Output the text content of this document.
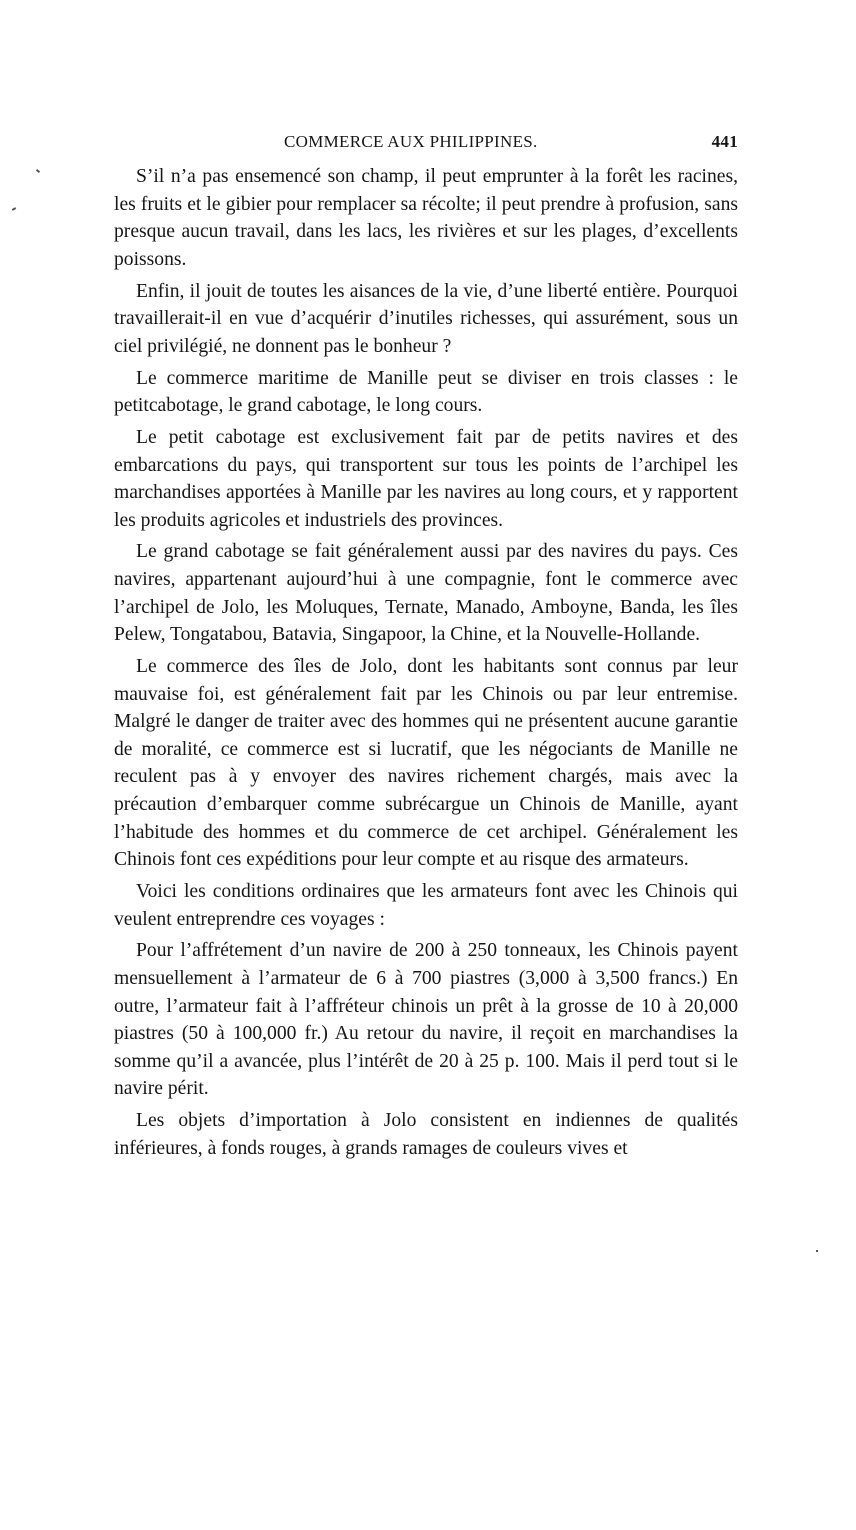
COMMERCE AUX PHILIPPINES.	441

S’il n’a pas ensemencé son champ, il peut emprunter à la forêt les racines, les fruits et le gibier pour remplacer sa récolte; il peut prendre à profusion, sans presque aucun travail, dans les lacs, les rivières et sur les plages, d’excellents poissons.

Enfin, il jouit de toutes les aisances de la vie, d’une liberté entière. Pourquoi travaillerait-il en vue d’acquérir d’inutiles richesses, qui assurément, sous un ciel privilégié, ne donnent pas le bonheur ?

Le commerce maritime de Manille peut se diviser en trois classes : le petitcabotage, le grand cabotage, le long cours.

Le petit cabotage est exclusivement fait par de petits navires et des embarcations du pays, qui transportent sur tous les points de l’archipel les marchandises apportées à Manille par les navires au long cours, et y rapportent les produits agricoles et industriels des provinces.

Le grand cabotage se fait généralement aussi par des navires du pays. Ces navires, appartenant aujourd’hui à une compagnie, font le commerce avec l’archipel de Jolo, les Moluques, Ternate, Manado, Amboyne, Banda, les îles Pelew, Tongatabou, Batavia, Singapoor, la Chine, et la Nouvelle-Hollande.

Le commerce des îles de Jolo, dont les habitants sont connus par leur mauvaise foi, est généralement fait par les Chinois ou par leur entremise. Malgré le danger de traiter avec des hommes qui ne présentent aucune garantie de moralité, ce commerce est si lucratif, que les négociants de Manille ne reculent pas à y envoyer des navires richement chargés, mais avec la précaution d’embarquer comme subrécargue un Chinois de Manille, ayant l’habitude des hommes et du commerce de cet archipel. Généralement les Chinois font ces expéditions pour leur compte et au risque des armateurs.

Voici les conditions ordinaires que les armateurs font avec les Chinois qui veulent entreprendre ces voyages :

Pour l’affrétement d’un navire de 200 à 250 tonneaux, les Chinois payent mensuellement à l’armateur de 6 à 700 piastres (3,000 à 3,500 francs.) En outre, l’armateur fait à l’affréteur chinois un prêt à la grosse de 10 à 20,000 piastres (50 à 100,000 fr.) Au retour du navire, il reçoit en marchandises la somme qu’il a avancée, plus l’intérêt de 20 à 25 p. 100. Mais il perd tout si le navire périt.

Les objets d’importation à Jolo consistent en indiennes de qualités inférieures, à fonds rouges, à grands ramages de couleurs vives et
